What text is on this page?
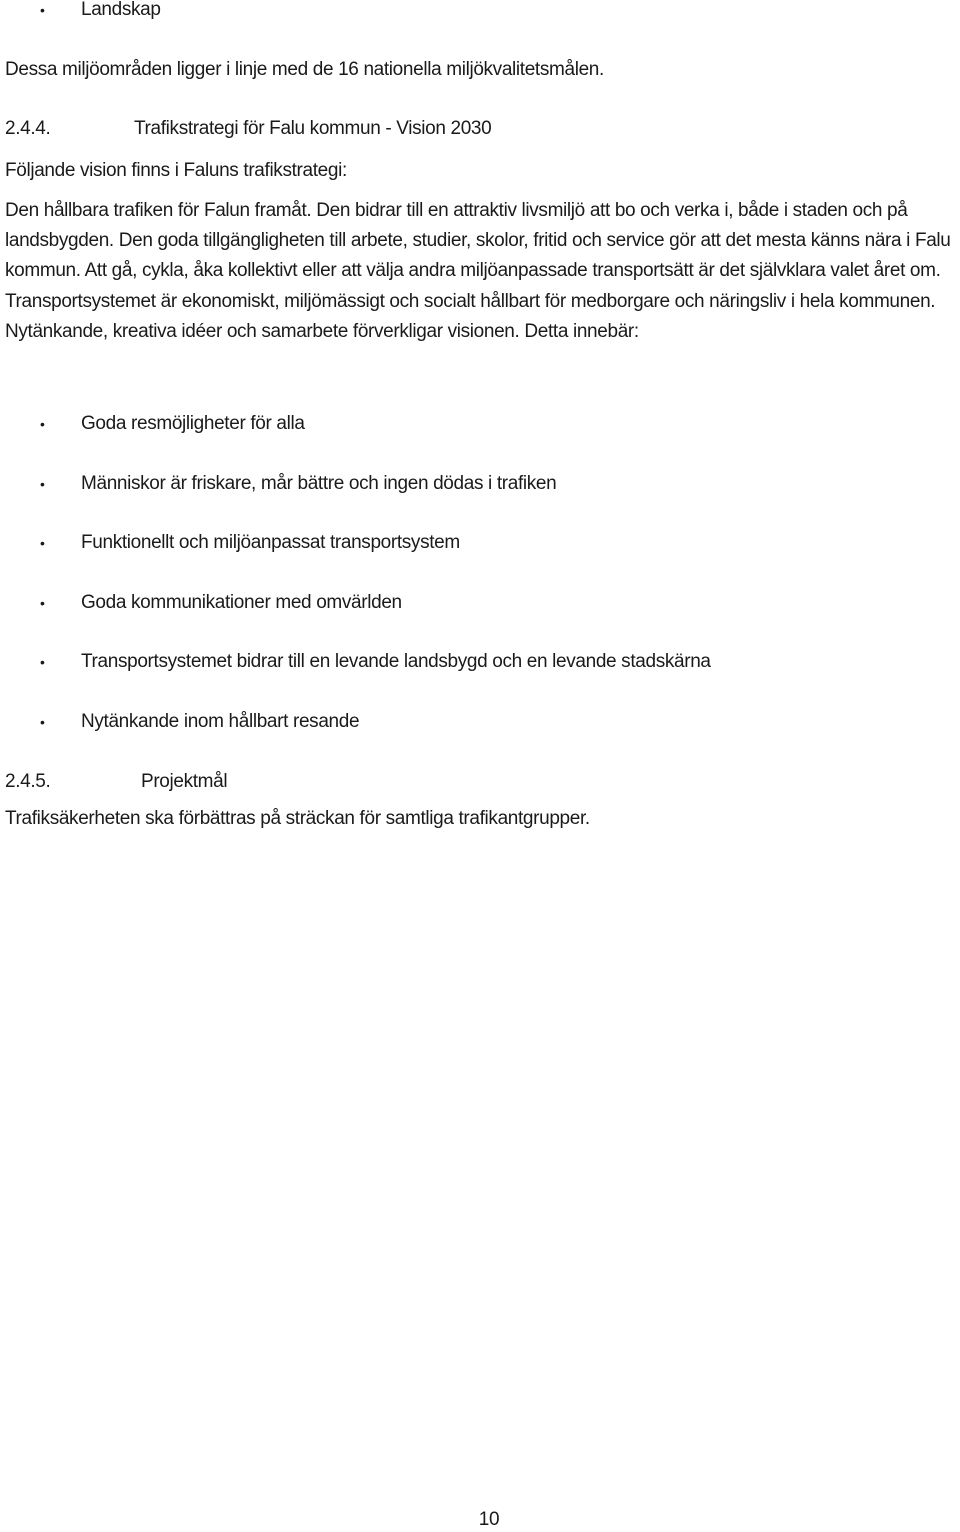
• Landskap
Dessa miljöområden ligger i linje med de 16 nationella miljökvalitetsmålen.
2.4.4.	Trafikstrategi för Falu kommun - Vision 2030
Följande vision finns i Faluns trafikstrategi:
Den hållbara trafiken för Falun framåt. Den bidrar till en attraktiv livsmiljö att bo och verka i, både i staden och på landsbygden. Den goda tillgängligheten till arbete, studier, skolor, fritid och service gör att det mesta känns nära i Falu kommun. Att gå, cykla, åka kollektivt eller att välja andra miljöanpassade transportsätt är det självklara valet året om. Transportsystemet är ekonomiskt, miljömässigt och socialt hållbart för medborgare och näringsliv i hela kommunen. Nytänkande, kreativa idéer och samarbete förverkligar visionen. Detta innebär:
• Goda resmöjligheter för alla
• Människor är friskare, mår bättre och ingen dödas i trafiken
• Funktionellt och miljöanpassat transportsystem
• Goda kommunikationer med omvärlden
• Transportsystemet bidrar till en levande landsbygd och en levande stadskärna
• Nytänkande inom hållbart resande
2.4.5.	Projektmål
Trafiksäkerheten ska förbättras på sträckan för samtliga trafikantgrupper.
10
